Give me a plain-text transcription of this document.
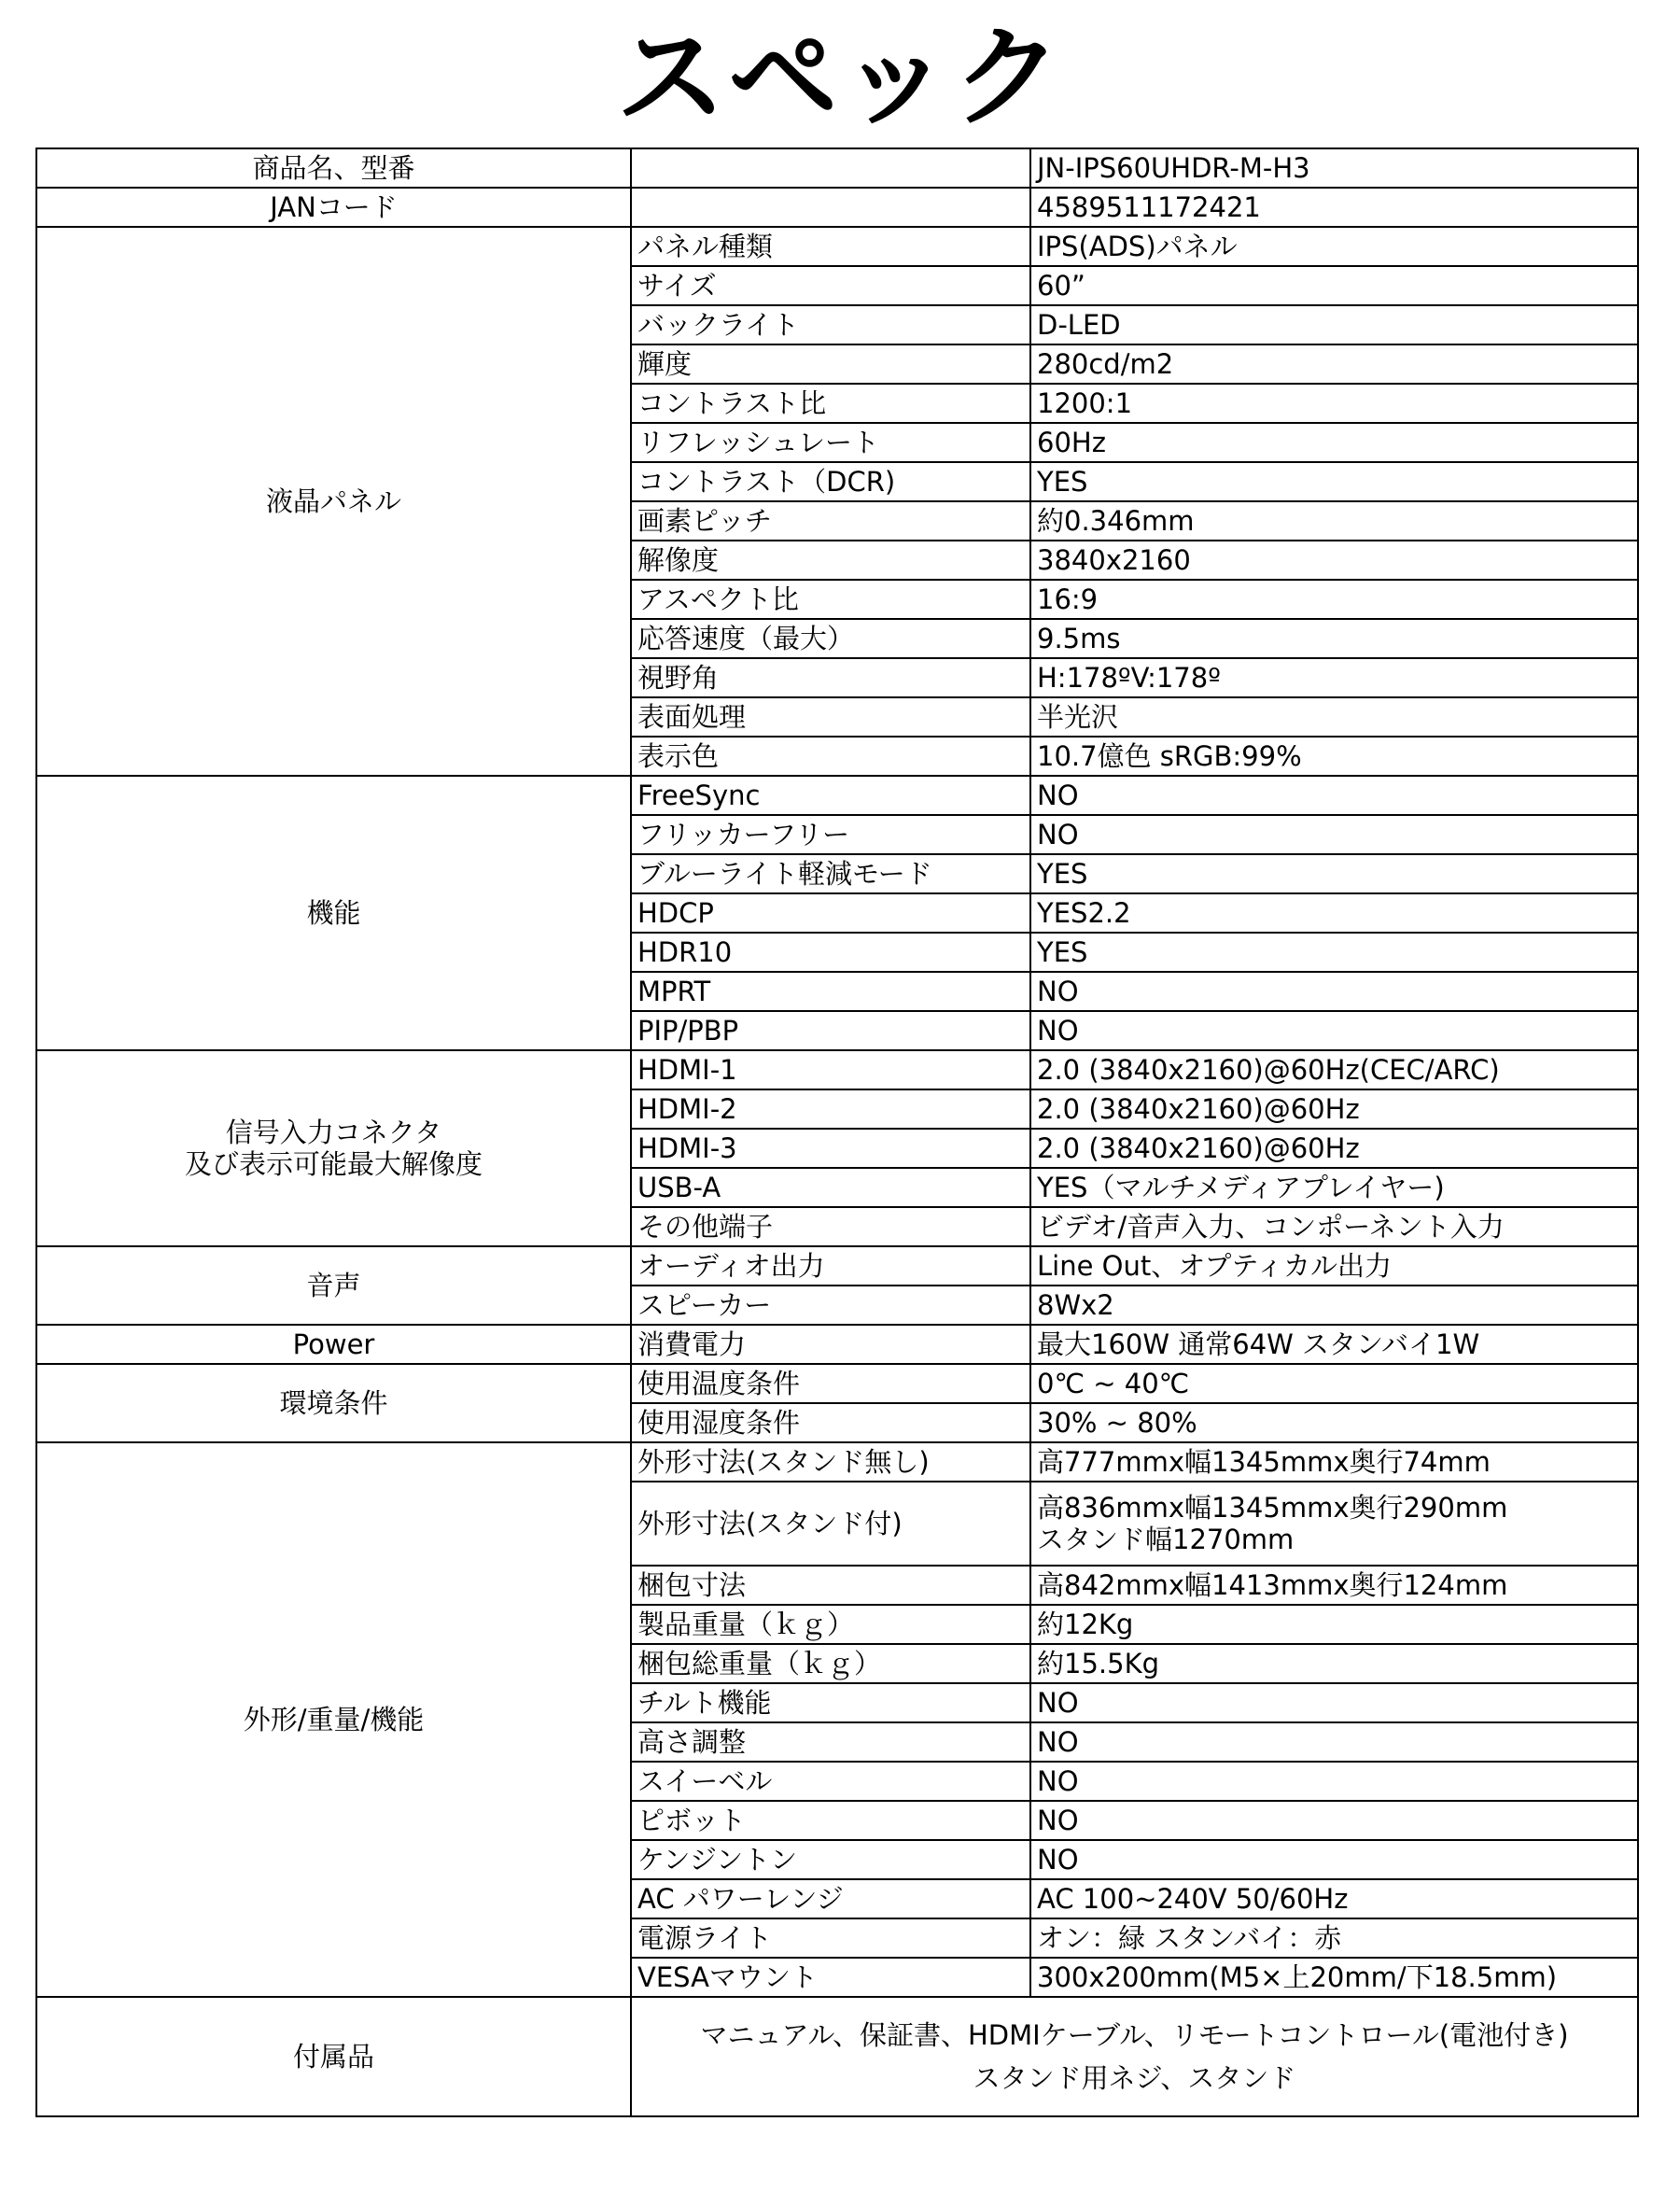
スペック
商品名、型番		JN-IPS60UHDR-M-H3
JANコード		4589511172421

液晶パネル	パネル種類	IPS(ADS)パネル

	サイズ	60”

	バックライト	D-LED

	輝度	280cd/m2

	コントラスト比	1200:1

	リフレッシュレート	60Hz

	コントラスト（DCR)	YES

	画素ピッチ	約0.346mm

	解像度	3840x2160

	アスペクト比	16:9

	応答速度（最大）	9.5ms

	視野角	H:178ºV:178º

	表面処理	半光沢

	表示色	10.7億色 sRGB:99%

機能	FreeSync	NO

	フリッカーフリー	NO

	ブルーライト軽減モード	YES

	HDCP	YES2.2

	HDR10	YES

	MPRT	NO

	PIP/PBP	NO

信号入力コネクタ
及び表示可能最大解像度	HDMI-1	2.0 (3840x2160)@60Hz(CEC/ARC)

	HDMI-2	2.0 (3840x2160)@60Hz

	HDMI-3	2.0 (3840x2160)@60Hz

	USB-A	YES（マルチメディアプレイヤー)

	その他端子	ビデオ/音声入力、コンポーネント入力

音声	オーディオ出力	Line Out、オプティカル出力

	スピーカー	8Wx2

Power	消費電力	最大160W 通常64W スタンバイ1W

環境条件	使用温度条件	0℃ ~ 40℃

	使用湿度条件	30% ~ 80%

外形/重量/機能	外形寸法(スタンド無し)	高777mmx幅1345mmx奥行74mm

	外形寸法(スタンド付)	高836mmx幅1345mmx奥行290mm
スタンド幅1270mm

	梱包寸法	高842mmx幅1413mmx奥行124mm

	製品重量（ｋｇ）	約12Kg

	梱包総重量（ｋｇ）	約15.5Kg

	チルト機能	NO

	高さ調整	NO

	スイーベル	NO

	ピボット	NO

	ケンジントン	NO

	AC パワーレンジ	AC 100~240V 50/60Hz

	電源ライト	オン：緑 スタンバイ：赤

	VESAマウント	300x200mm(M5×上20mm/下18.5mm)

付属品	マニュアル、保証書、HDMIケーブル、リモートコントロール(電池付き)
スタンド用ネジ、スタンド	
